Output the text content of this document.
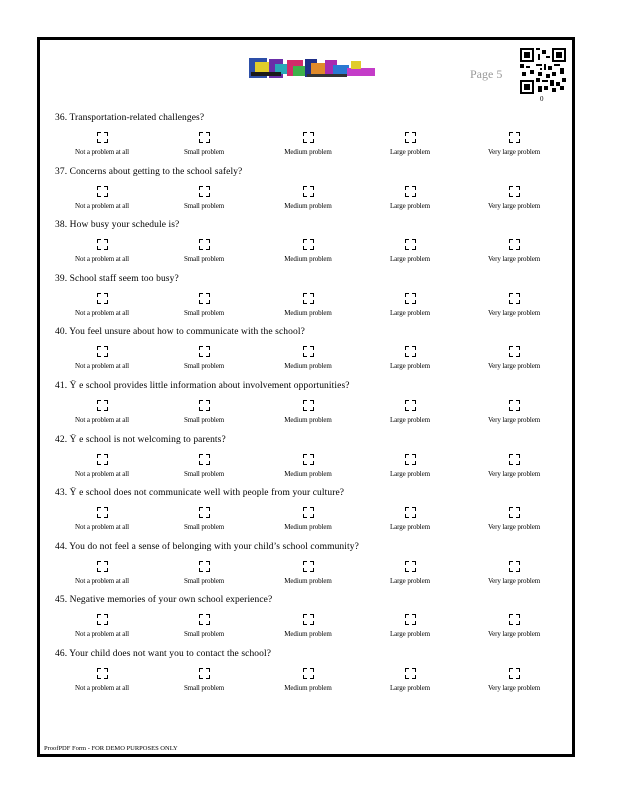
Page 5
0
36. Transportation-related challenges?
Not a problem at all	Small problem	Medium problem	Large problem	Very large problem
37. Concerns about getting to the school safely?
Not a problem at all	Small problem	Medium problem	Large problem	Very large problem
38. How busy your schedule is?
Not a problem at all	Small problem	Medium problem	Large problem	Very large problem
39. School staff seem too busy?
Not a problem at all	Small problem	Medium problem	Large problem	Very large problem
40. You feel unsure about how to communicate with the school?
Not a problem at all	Small problem	Medium problem	Large problem	Very large problem
41. Ÿ e school provides little information about involvement opportunities?
Not a problem at all	Small problem	Medium problem	Large problem	Very large problem
42. Ÿ e school is not welcoming to parents?
Not a problem at all	Small problem	Medium problem	Large problem	Very large problem
43. Ÿ e school does not communicate well with people from your culture?
Not a problem at all	Small problem	Medium problem	Large problem	Very large problem
44. You do not feel a sense of belonging with your child’s school community?
Not a problem at all	Small problem	Medium problem	Large problem	Very large problem
45. Negative memories of your own school experience?
Not a problem at all	Small problem	Medium problem	Large problem	Very large problem
46. Your child does not want you to contact the school?
Not a problem at all	Small problem	Medium problem	Large problem	Very large problem
ProofPDF Form - FOR DEMO PURPOSES ONLY
